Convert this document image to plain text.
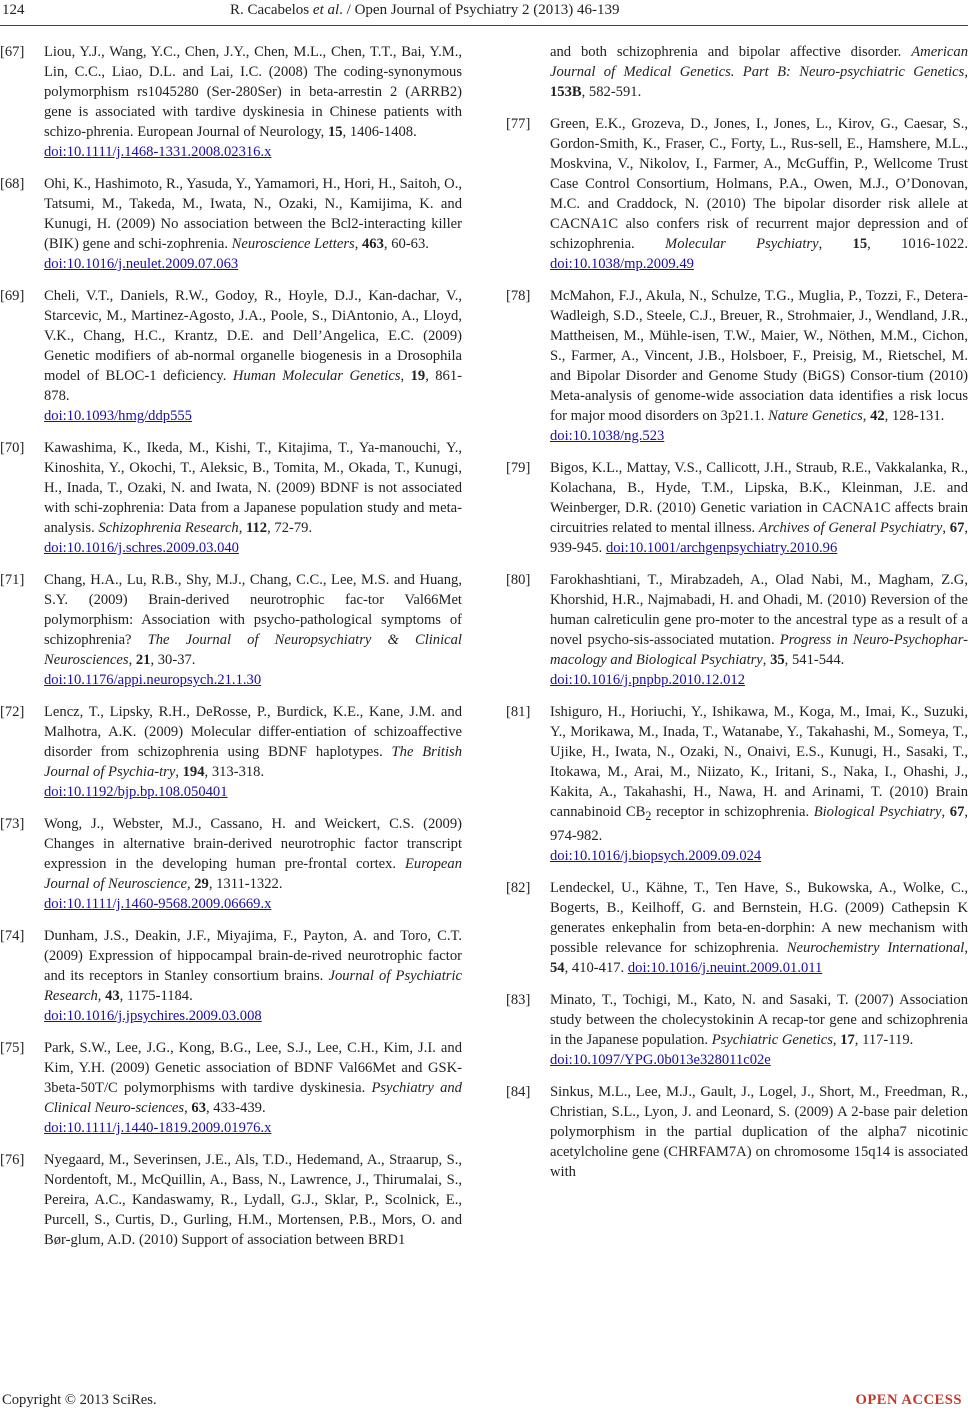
124	R. Cacabelos et al. / Open Journal of Psychiatry 2 (2013) 46-139
[67]	Liou, Y.J., Wang, Y.C., Chen, J.Y., Chen, M.L., Chen, T.T., Bai, Y.M., Lin, C.C., Liao, D.L. and Lai, I.C. (2008) The coding-synonymous polymorphism rs1045280 (Ser-280Ser) in beta-arrestin 2 (ARRB2) gene is associated with tardive dyskinesia in Chinese patients with schizo-phrenia. European Journal of Neurology, 15, 1406-1408.
doi:10.1111/j.1468-1331.2008.02316.x
[68]	Ohi, K., Hashimoto, R., Yasuda, Y., Yamamori, H., Hori, H., Saitoh, O., Tatsumi, M., Takeda, M., Iwata, N., Ozaki, N., Kamijima, K. and Kunugi, H. (2009) No association between the Bcl2-interacting killer (BIK) gene and schi-zophrenia. Neuroscience Letters, 463, 60-63.
doi:10.1016/j.neulet.2009.07.063
[69]	Cheli, V.T., Daniels, R.W., Godoy, R., Hoyle, D.J., Kan-dachar, V., Starcevic, M., Martinez-Agosto, J.A., Poole, S., DiAntonio, A., Lloyd, V.K., Chang, H.C., Krantz, D.E. and Dell’Angelica, E.C. (2009) Genetic modifiers of ab-normal organelle biogenesis in a Drosophila model of BLOC-1 deficiency. Human Molecular Genetics, 19, 861-878.
doi:10.1093/hmg/ddp555
[70]	Kawashima, K., Ikeda, M., Kishi, T., Kitajima, T., Ya-manouchi, Y., Kinoshita, Y., Okochi, T., Aleksic, B., Tomita, M., Okada, T., Kunugi, H., Inada, T., Ozaki, N. and Iwata, N. (2009) BDNF is not associated with schi-zophrenia: Data from a Japanese population study and meta-analysis. Schizophrenia Research, 112, 72-79.
doi:10.1016/j.schres.2009.03.040
[71]	Chang, H.A., Lu, R.B., Shy, M.J., Chang, C.C., Lee, M.S. and Huang, S.Y. (2009) Brain-derived neurotrophic fac-tor Val66Met polymorphism: Association with psycho-pathological symptoms of schizophrenia? The Journal of Neuropsychiatry & Clinical Neurosciences, 21, 30-37.
doi:10.1176/appi.neuropsych.21.1.30
[72]	Lencz, T., Lipsky, R.H., DeRosse, P., Burdick, K.E., Kane, J.M. and Malhotra, A.K. (2009) Molecular differ-entiation of schizoaffective disorder from schizophrenia using BDNF haplotypes. The British Journal of Psychia-try, 194, 313-318.
doi:10.1192/bjp.bp.108.050401
[73]	Wong, J., Webster, M.J., Cassano, H. and Weickert, C.S. (2009) Changes in alternative brain-derived neurotrophic factor transcript expression in the developing human pre-frontal cortex. European Journal of Neuroscience, 29, 1311-1322.
doi:10.1111/j.1460-9568.2009.06669.x
[74]	Dunham, J.S., Deakin, J.F., Miyajima, F., Payton, A. and Toro, C.T. (2009) Expression of hippocampal brain-de-rived neurotrophic factor and its receptors in Stanley consortium brains. Journal of Psychiatric Research, 43, 1175-1184.
doi:10.1016/j.jpsychires.2009.03.008
[75]	Park, S.W., Lee, J.G., Kong, B.G., Lee, S.J., Lee, C.H., Kim, J.I. and Kim, Y.H. (2009) Genetic association of BDNF Val66Met and GSK-3beta-50T/C polymorphisms with tardive dyskinesia. Psychiatry and Clinical Neuro-sciences, 63, 433-439.
doi:10.1111/j.1440-1819.2009.01976.x
[76]	Nyegaard, M., Severinsen, J.E., Als, T.D., Hedemand, A., Straarup, S., Nordentoft, M., McQuillin, A., Bass, N., Lawrence, J., Thirumalai, S., Pereira, A.C., Kandaswamy, R., Lydall, G.J., Sklar, P., Scolnick, E., Purcell, S., Curtis, D., Gurling, H.M., Mortensen, P.B., Mors, O. and Bør-glum, A.D. (2010) Support of association between BRD1
and both schizophrenia and bipolar affective disorder. American Journal of Medical Genetics. Part B: Neuro-psychiatric Genetics, 153B, 582-591.
[77]	Green, E.K., Grozeva, D., Jones, I., Jones, L., Kirov, G., Caesar, S., Gordon-Smith, K., Fraser, C., Forty, L., Rus-sell, E., Hamshere, M.L., Moskvina, V., Nikolov, I., Farmer, A., McGuffin, P., Wellcome Trust Case Control Consortium, Holmans, P.A., Owen, M.J., O’Donovan, M.C. and Craddock, N. (2010) The bipolar disorder risk allele at CACNA1C also confers risk of recurrent major depression and of schizophrenia. Molecular Psychiatry, 15, 1016-1022. doi:10.1038/mp.2009.49
[78]	McMahon, F.J., Akula, N., Schulze, T.G., Muglia, P., Tozzi, F., Detera-Wadleigh, S.D., Steele, C.J., Breuer, R., Strohmaier, J., Wendland, J.R., Mattheisen, M., Mühle-isen, T.W., Maier, W., Nöthen, M.M., Cichon, S., Farmer, A., Vincent, J.B., Holsboer, F., Preisig, M., Rietschel, M. and Bipolar Disorder and Genome Study (BiGS) Consor-tium (2010) Meta-analysis of genome-wide association data identifies a risk locus for major mood disorders on 3p21.1. Nature Genetics, 42, 128-131.
doi:10.1038/ng.523
[79]	Bigos, K.L., Mattay, V.S., Callicott, J.H., Straub, R.E., Vakkalanka, R., Kolachana, B., Hyde, T.M., Lipska, B.K., Kleinman, J.E. and Weinberger, D.R. (2010) Genetic variation in CACNA1C affects brain circuitries related to mental illness. Archives of General Psychiatry, 67, 939-945. doi:10.1001/archgenpsychiatry.2010.96
[80]	Farokhashtiani, T., Mirabzadeh, A., Olad Nabi, M., Magham, Z.G, Khorshid, H.R., Najmabadi, H. and Ohadi, M. (2010) Reversion of the human calreticulin gene pro-moter to the ancestral type as a result of a novel psycho-sis-associated mutation. Progress in Neuro-Psychophar-macology and Biological Psychiatry, 35, 541-544.
doi:10.1016/j.pnpbp.2010.12.012
[81]	Ishiguro, H., Horiuchi, Y., Ishikawa, M., Koga, M., Imai, K., Suzuki, Y., Morikawa, M., Inada, T., Watanabe, Y., Takahashi, M., Someya, T., Ujike, H., Iwata, N., Ozaki, N., Onaivi, E.S., Kunugi, H., Sasaki, T., Itokawa, M., Arai, M., Niizato, K., Iritani, S., Naka, I., Ohashi, J., Kakita, A., Takahashi, H., Nawa, H. and Arinami, T. (2010) Brain cannabinoid $CB_2$ receptor in schizophrenia. Biological Psychiatry, 67, 974-982.
doi:10.1016/j.biopsych.2009.09.024
[82]	Lendeckel, U., Kähne, T., Ten Have, S., Bukowska, A., Wolke, C., Bogerts, B., Keilhoff, G. and Bernstein, H.G. (2009) Cathepsin K generates enkephalin from beta-en-dorphin: A new mechanism with possible relevance for schizophrenia. Neurochemistry International, 54, 410-417. doi:10.1016/j.neuint.2009.01.011
[83]	Minato, T., Tochigi, M., Kato, N. and Sasaki, T. (2007) Association study between the cholecystokinin A recap-tor gene and schizophrenia in the Japanese population. Psychiatric Genetics, 17, 117-119.
doi:10.1097/YPG.0b013e328011c02e
[84]	Sinkus, M.L., Lee, M.J., Gault, J., Logel, J., Short, M., Freedman, R., Christian, S.L., Lyon, J. and Leonard, S. (2009) A 2-base pair deletion polymorphism in the partial duplication of the alpha7 nicotinic acetylcholine gene (CHRFAM7A) on chromosome 15q14 is associated with
Copyright © 2013 SciRes.	OPEN ACCESS
